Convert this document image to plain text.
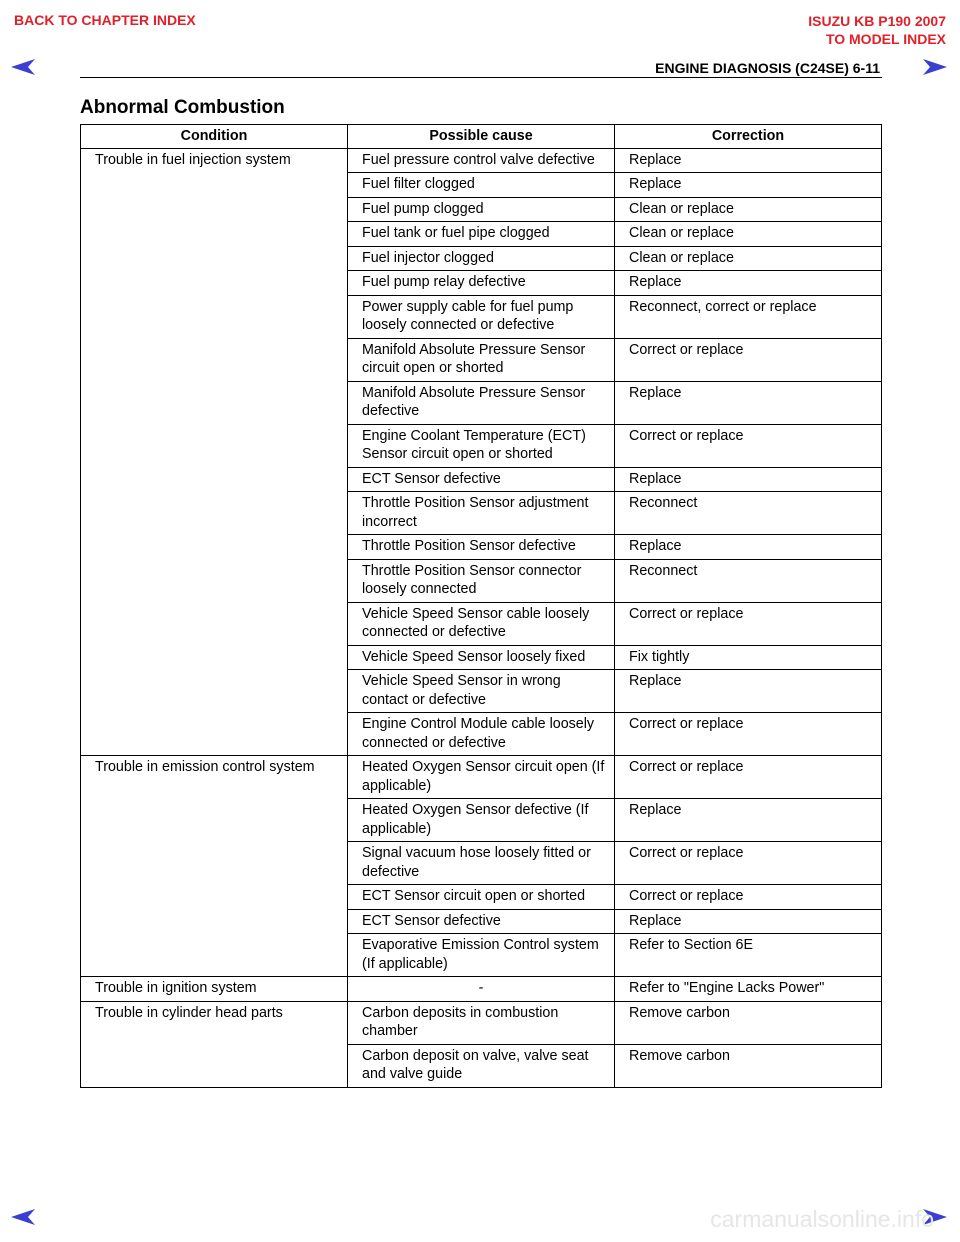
BACK TO CHAPTER INDEX	ISUZU KB P190 2007
TO MODEL INDEX
ENGINE DIAGNOSIS (C24SE) 6-11
Abnormal Combustion
Condition	Possible cause	Correction
Trouble in fuel injection system	Fuel pressure control valve defective	Replace
	Fuel filter clogged	Replace
	Fuel pump clogged	Clean or replace
	Fuel tank or fuel pipe clogged	Clean or replace
	Fuel injector clogged	Clean or replace
	Fuel pump relay defective	Replace
	Power supply cable for fuel pump loosely connected or defective	Reconnect, correct or replace
	Manifold Absolute Pressure Sensor circuit open or shorted	Correct or replace
	Manifold Absolute Pressure Sensor defective	Replace
	Engine Coolant Temperature (ECT) Sensor circuit open or shorted	Correct or replace
	ECT Sensor defective	Replace
	Throttle Position Sensor adjustment incorrect	Reconnect
	Throttle Position Sensor defective	Replace
	Throttle Position Sensor connector loosely connected	Reconnect
	Vehicle Speed Sensor cable loosely connected or defective	Correct or replace
	Vehicle Speed Sensor loosely fixed	Fix tightly
	Vehicle Speed Sensor in wrong contact or defective	Replace
	Engine Control Module cable loosely connected or defective	Correct or replace
Trouble in emission control system	Heated Oxygen Sensor circuit open (If applicable)	Correct or replace
	Heated Oxygen Sensor defective (If applicable)	Replace
	Signal vacuum hose loosely fitted or defective	Correct or replace
	ECT Sensor circuit open or shorted	Correct or replace
	ECT Sensor defective	Replace
	Evaporative Emission Control system (If applicable)	Refer to Section 6E
Trouble in ignition system	-	Refer to "Engine Lacks Power"
Trouble in cylinder head parts	Carbon deposits in combustion chamber	Remove carbon
	Carbon deposit on valve, valve seat and valve guide	Remove carbon
carmanualsonline.info
